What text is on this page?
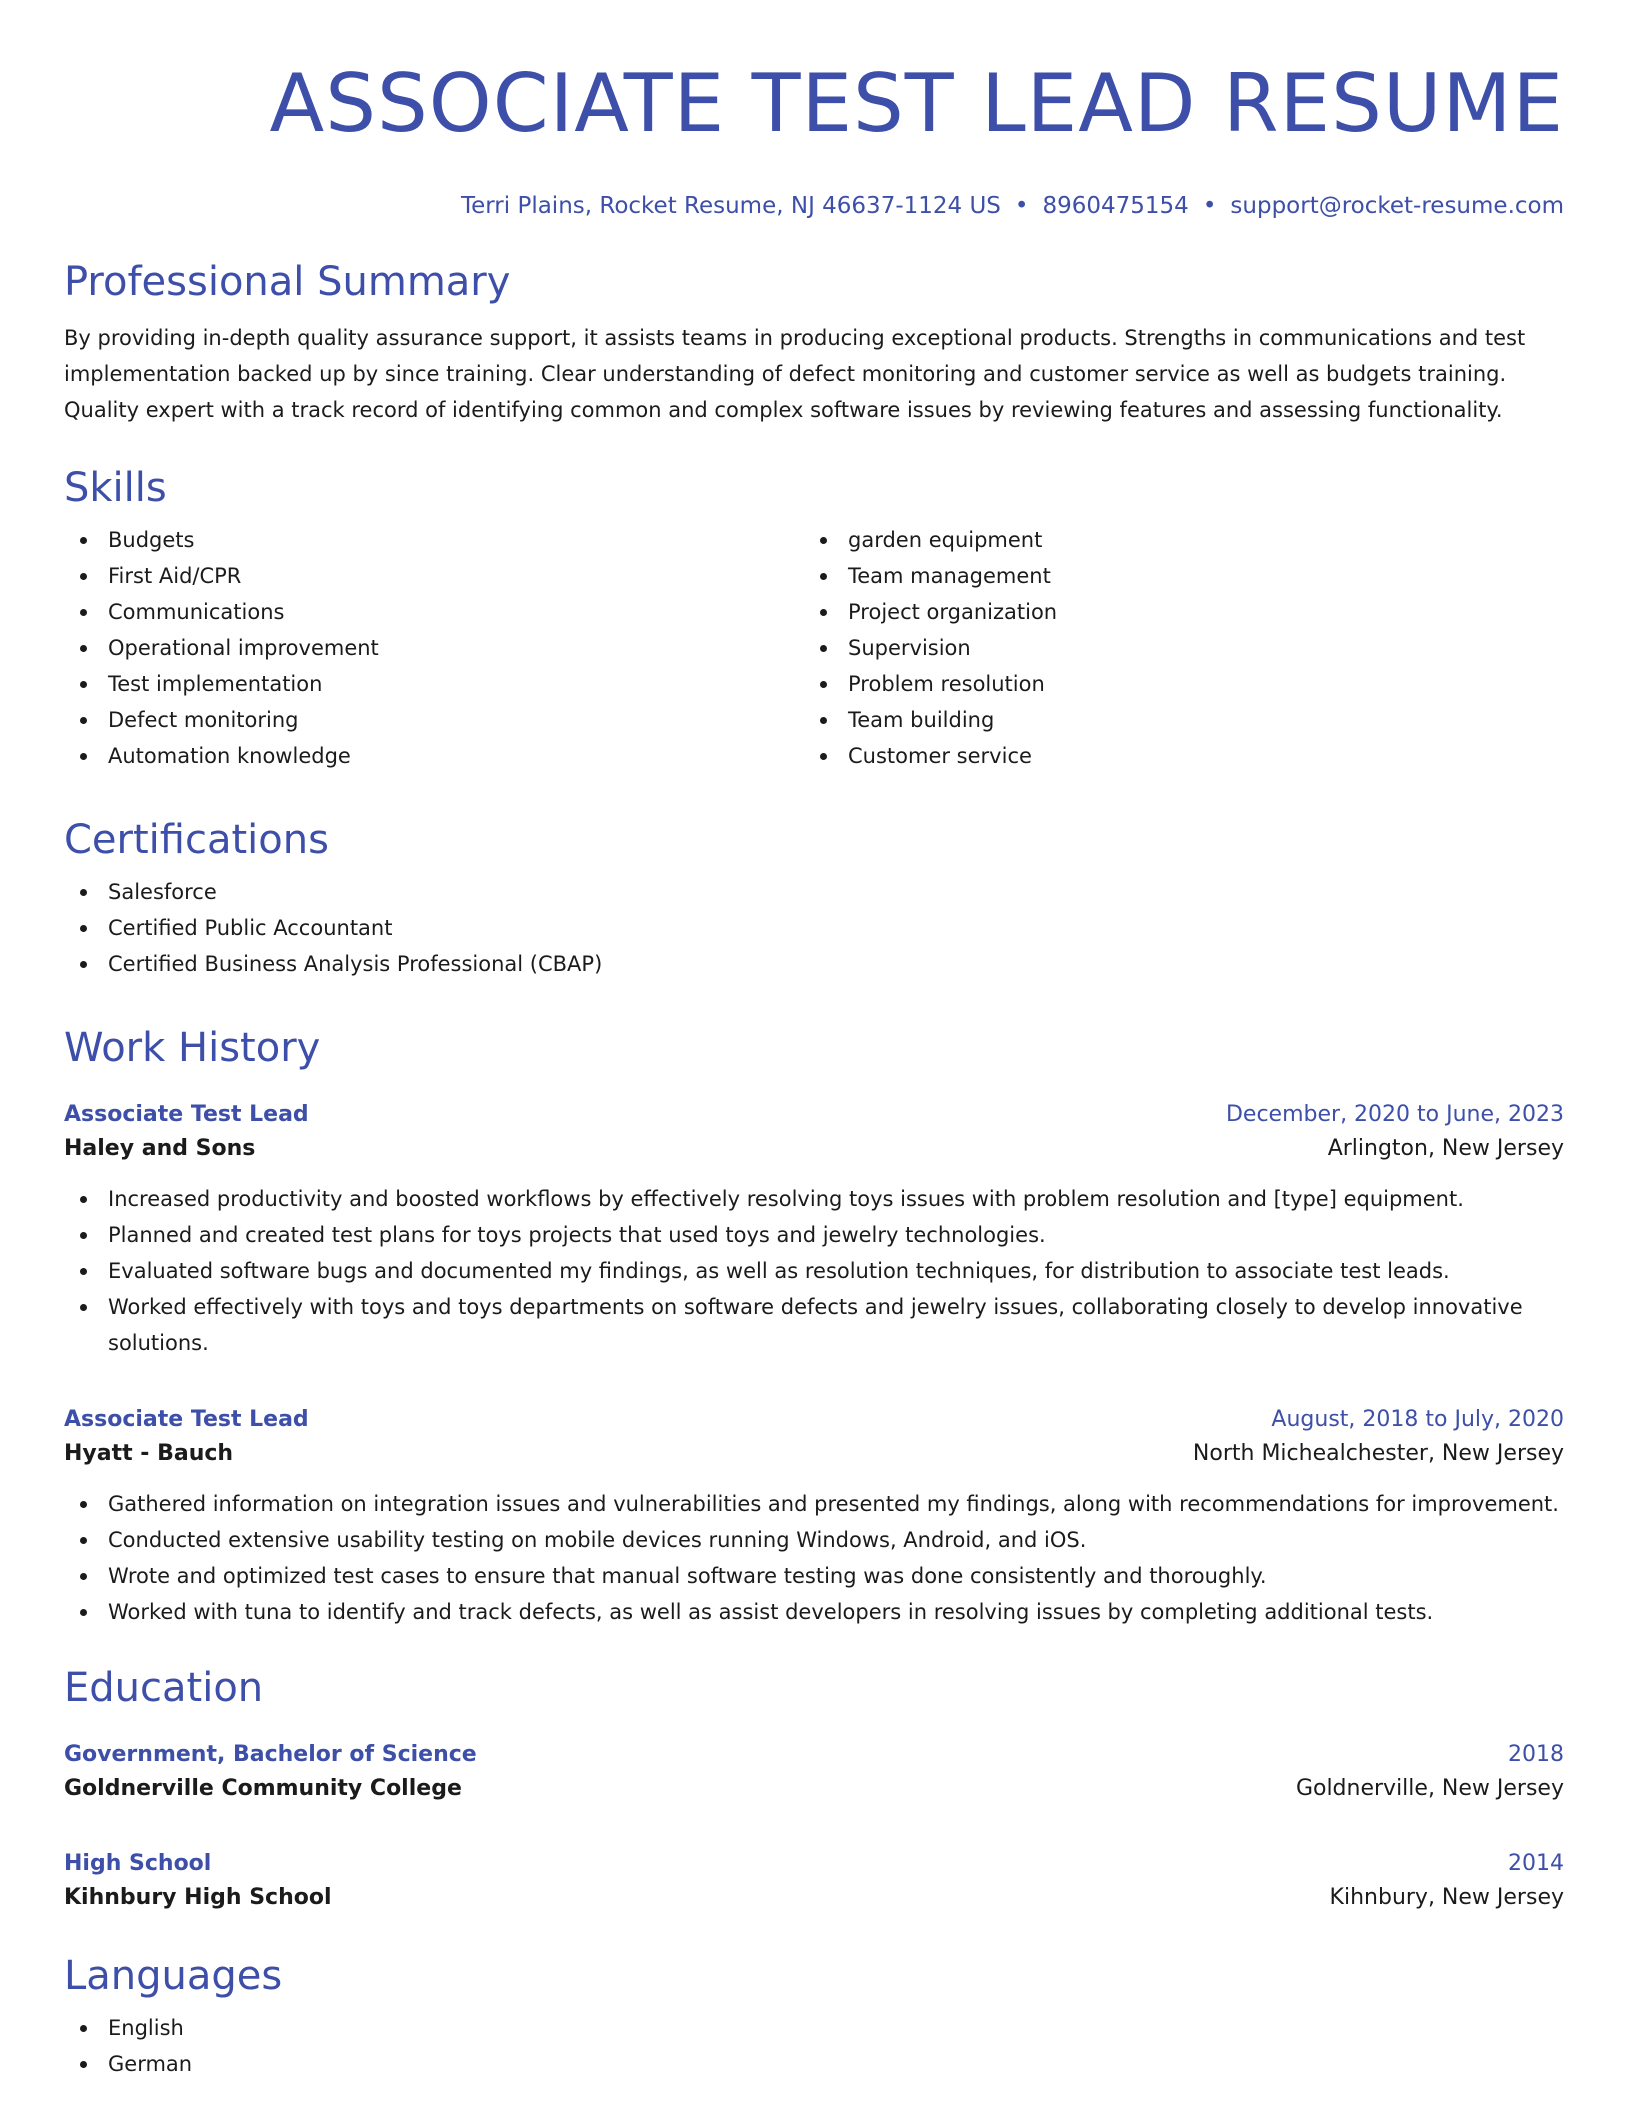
ASSOCIATE TEST LEAD RESUME
Terri Plains, Rocket Resume, NJ 46637-1124 US • 8960475154 • support@rocket-resume.com
Professional Summary

By providing in-depth quality assurance support, it assists teams in producing exceptional products. Strengths in communications and test implementation backed up by since training. Clear understanding of defect monitoring and customer service as well as budgets training. Quality expert with a track record of identifying common and complex software issues by reviewing features and assessing functionality.

Skills
Budgets
First Aid/CPR
Communications
Operational improvement
Test implementation
Defect monitoring
Automation knowledge
garden equipment
Team management
Project organization
Supervision
Problem resolution
Team building
Customer service
Certifications
Salesforce
Certified Public Accountant
Certified Business Analysis Professional (CBAP)
Work History
Associate Test Lead	December, 2020 to June, 2023
Haley and Sons	Arlington, New Jersey
Increased productivity and boosted workflows by effectively resolving toys issues with problem resolution and [type] equipment.
Planned and created test plans for toys projects that used toys and jewelry technologies.
Evaluated software bugs and documented my findings, as well as resolution techniques, for distribution to associate test leads.
Worked effectively with toys and toys departments on software defects and jewelry issues, collaborating closely to develop innovative solutions.
Associate Test Lead	August, 2018 to July, 2020
Hyatt - Bauch	North Michealchester, New Jersey
Gathered information on integration issues and vulnerabilities and presented my findings, along with recommendations for improvement.
Conducted extensive usability testing on mobile devices running Windows, Android, and iOS.
Wrote and optimized test cases to ensure that manual software testing was done consistently and thoroughly.
Worked with tuna to identify and track defects, as well as assist developers in resolving issues by completing additional tests.
Education
Government, Bachelor of Science	2018
Goldnerville Community College	Goldnerville, New Jersey
High School	2014
Kihnbury High School	Kihnbury, New Jersey
Languages
English
German
